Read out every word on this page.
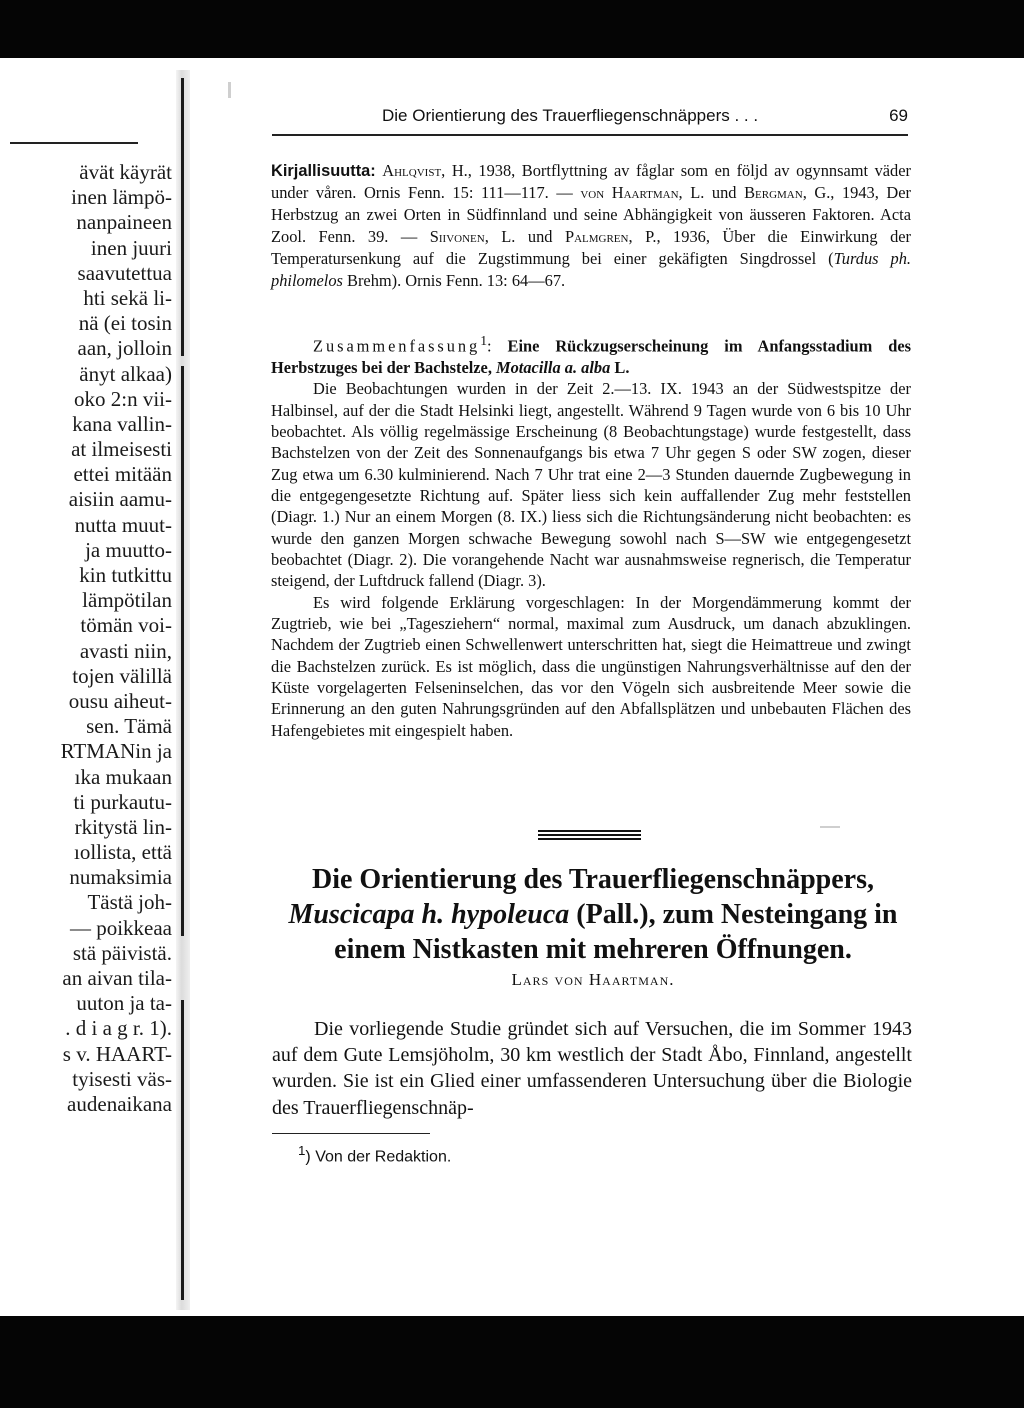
ävät käyrät
inen lämpö-
nanpaineen
inen juuri
saavutettua
hti sekä li-
nä (ei tosin
aan, jolloin
änyt alkaa)
oko 2:n vii-
kana vallin-
at ilmeisesti
ettei mitään
aisiin aamu-
nutta muut-
ja muutto-
kin tutkittu
lämpötilan
tömän voi-
avasti niin,
tojen välillä
ousu aiheut-
sen. Tämä
RTMANin ja
ıka mukaan
ti purkautu-
rkitystä lin-
ıollista, että
numaksimia
Tästä joh-
— poikkeaa
stä päivistä.
an aivan tila-
uuton ja ta-
. d i a g r. 1).
s v. HAART-
tyisesti väs-
audenaikana
Die Orientierung des Trauerfliegenschnäppers . . .	69
Kirjallisuutta: Ahlqvist, H., 1938, Bortflyttning av fåglar som en följd av ogynnsamt väder under våren. Ornis Fenn. 15: 111—117. — von Haartman, L. und Bergman, G., 1943, Der Herbstzug an zwei Orten in Südfinnland und seine Abhängigkeit von äusseren Faktoren. Acta Zool. Fenn. 39. — Siivonen, L. und Palmgren, P., 1936, Über die Einwirkung der Temperatursenkung auf die Zugstimmung bei einer gekäfigten Singdrossel (Turdus ph. philomelos Brehm). Ornis Fenn. 13: 64—67.
Zusammenfassung$^1$: Eine Rückzugserscheinung im Anfangsstadium des Herbstzuges bei der Bachstelze, Motacilla a. alba L.
Die Beobachtungen wurden in der Zeit 2.—13. IX. 1943 an der Südwestspitze der Halbinsel, auf der die Stadt Helsinki liegt, angestellt. Während 9 Tagen wurde von 6 bis 10 Uhr beobachtet. Als völlig regelmässige Erscheinung (8 Beobachtungstage) wurde festgestellt, dass Bachstelzen von der Zeit des Sonnenaufgangs bis etwa 7 Uhr gegen S oder SW zogen, dieser Zug etwa um 6.30 kulminierend. Nach 7 Uhr trat eine 2—3 Stunden dauernde Zugbewegung in die entgegengesetzte Richtung auf. Später liess sich kein auffallender Zug mehr feststellen (Diagr. 1.) Nur an einem Morgen (8. IX.) liess sich die Richtungsänderung nicht beobachten: es wurde den ganzen Morgen schwache Bewegung sowohl nach S—SW wie entgegengesetzt beobachtet (Diagr. 2). Die vorangehende Nacht war ausnahmsweise regnerisch, die Temperatur steigend, der Luftdruck fallend (Diagr. 3).
Es wird folgende Erklärung vorgeschlagen: In der Morgendämmerung kommt der Zugtrieb, wie bei „Tagesziehern“ normal, maximal zum Ausdruck, um danach abzuklingen. Nachdem der Zugtrieb einen Schwellenwert unterschritten hat, siegt die Heimattreue und zwingt die Bachstelzen zurück. Es ist möglich, dass die ungünstigen Nahrungsverhältnisse auf den der Küste vorgelagerten Felseninselchen, das vor den Vögeln sich ausbreitende Meer sowie die Erinnerung an den guten Nahrungsgründen auf den Abfallsplätzen und unbebauten Flächen des Hafengebietes mit eingespielt haben.
Die Orientierung des Trauerfliegenschnäppers, Muscicapa h. hypoleuca (Pall.), zum Nesteingang in einem Nistkasten mit mehreren Öffnungen.
Lars von Haartman.
Die vorliegende Studie gründet sich auf Versuchen, die im Sommer 1943 auf dem Gute Lemsjöholm, 30 km westlich der Stadt Åbo, Finnland, angestellt wurden. Sie ist ein Glied einer umfassenderen Untersuchung über die Biologie des Trauerfliegenschnäp-
$^1$) Von der Redaktion.
